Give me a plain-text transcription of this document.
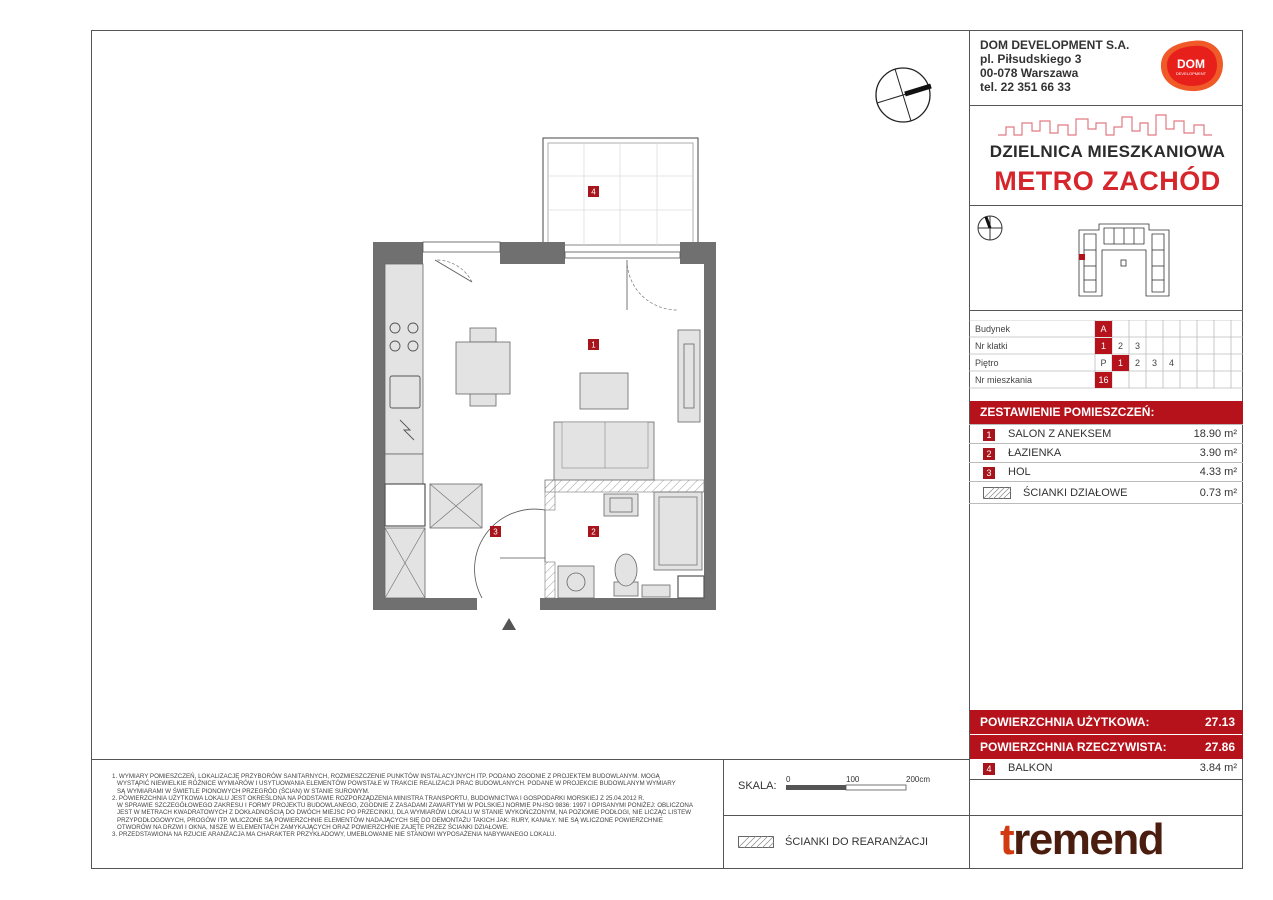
DOM DEVELOPMENT S.A.
pl. Piłsudskiego 3
00-078 Warszawa
tel. 22 351 66 33
DOM
DEVELOPMENT
DZIELNICA MIESZKANIOWA
METRO ZACHÓD
Budynek	A
Nr klatki	1	2	3
Piętro	P	1	2	3	4
Nr mieszkania	16
ZESTAWIENIE POMIESZCZEŃ:
1	SALON Z ANEKSEM	18.90 m²
2	ŁAZIENKA	3.90 m²
3	HOL	4.33 m²
ŚCIANKI DZIAŁOWE	0.73 m²
POWIERZCHNIA UŻYTKOWA:	27.13
POWIERZCHNIA RZECZYWISTA:	27.86
4	BALKON	3.84 m²
SKALA:
0	100	200cm
ŚCIANKI DO REARANŻACJI
1. WYMIARY POMIESZCZEŃ, LOKALIZACJĘ PRZYBORÓW SANITARNYCH, ROZMIESZCZENIE PUNKTÓW INSTALACYJNYCH ITP. PODANO ZGODNIE Z PROJEKTEM BUDOWLANYM. MOGĄ
WYSTĄPIĆ NIEWIELKIE RÓŻNICE WYMIARÓW I USYTUOWANIA ELEMENTÓW POWSTAŁE W TRAKCIE REALIZACJI PRAC BUDOWLANYCH. PODANE W PROJEKCIE BUDOWLANYM WYMIARY
SĄ WYMIARAMI W ŚWIETLE PIONOWYCH PRZEGRÓD (ŚCIAN) W STANIE SUROWYM.
2. POWIERZCHNIA UŻYTKOWA LOKALU JEST OKREŚLONA NA PODSTAWIE ROZPORZĄDZENIA MINISTRA TRANSPORTU, BUDOWNICTWA I GOSPODARKI MORSKIEJ Z 25.04.2012 R.
W SPRAWIE SZCZEGÓŁOWEGO ZAKRESU I FORMY PROJEKTU BUDOWLANEGO, ZGODNIE Z ZASADAMI ZAWARTYMI W POLSKIEJ NORMIE PN-ISO 9836: 1997 I OPISANYMI PONIŻEJ: OBLICZONA
JEST W METRACH KWADRATOWYCH Z DOKŁADNOŚCIĄ DO DWÓCH MIEJSC PO PRZECINKU, DLA WYMIARÓW LOKALU W STANIE WYKOŃCZONYM, NA POZIOMIE PODŁOGI, NIE LICZĄC LISTEW
PRZYPODŁOGOWYCH, PROGÓW ITP. WLICZONE SĄ POWIERZCHNIE ELEMENTÓW NADAJĄCYCH SIĘ DO DEMONTAŻU TAKICH JAK: RURY, KANAŁY. NIE SĄ WLICZONE POWIERZCHNIE
OTWORÓW NA DRZWI I OKNA, NISZE W ELEMENTACH ZAMYKAJĄCYCH ORAZ POWIERZCHNIE ZAJĘTE PRZEZ ŚCIANKI DZIAŁOWE.
3. PRZEDSTAWIONA NA RZUCIE ARANŻACJA MA CHARAKTER PRZYKŁADOWY, UMEBLOWANIE NIE STANOWI WYPOSAŻENIA NABYWANEGO LOKALU.	tremend
4
1
2
3
